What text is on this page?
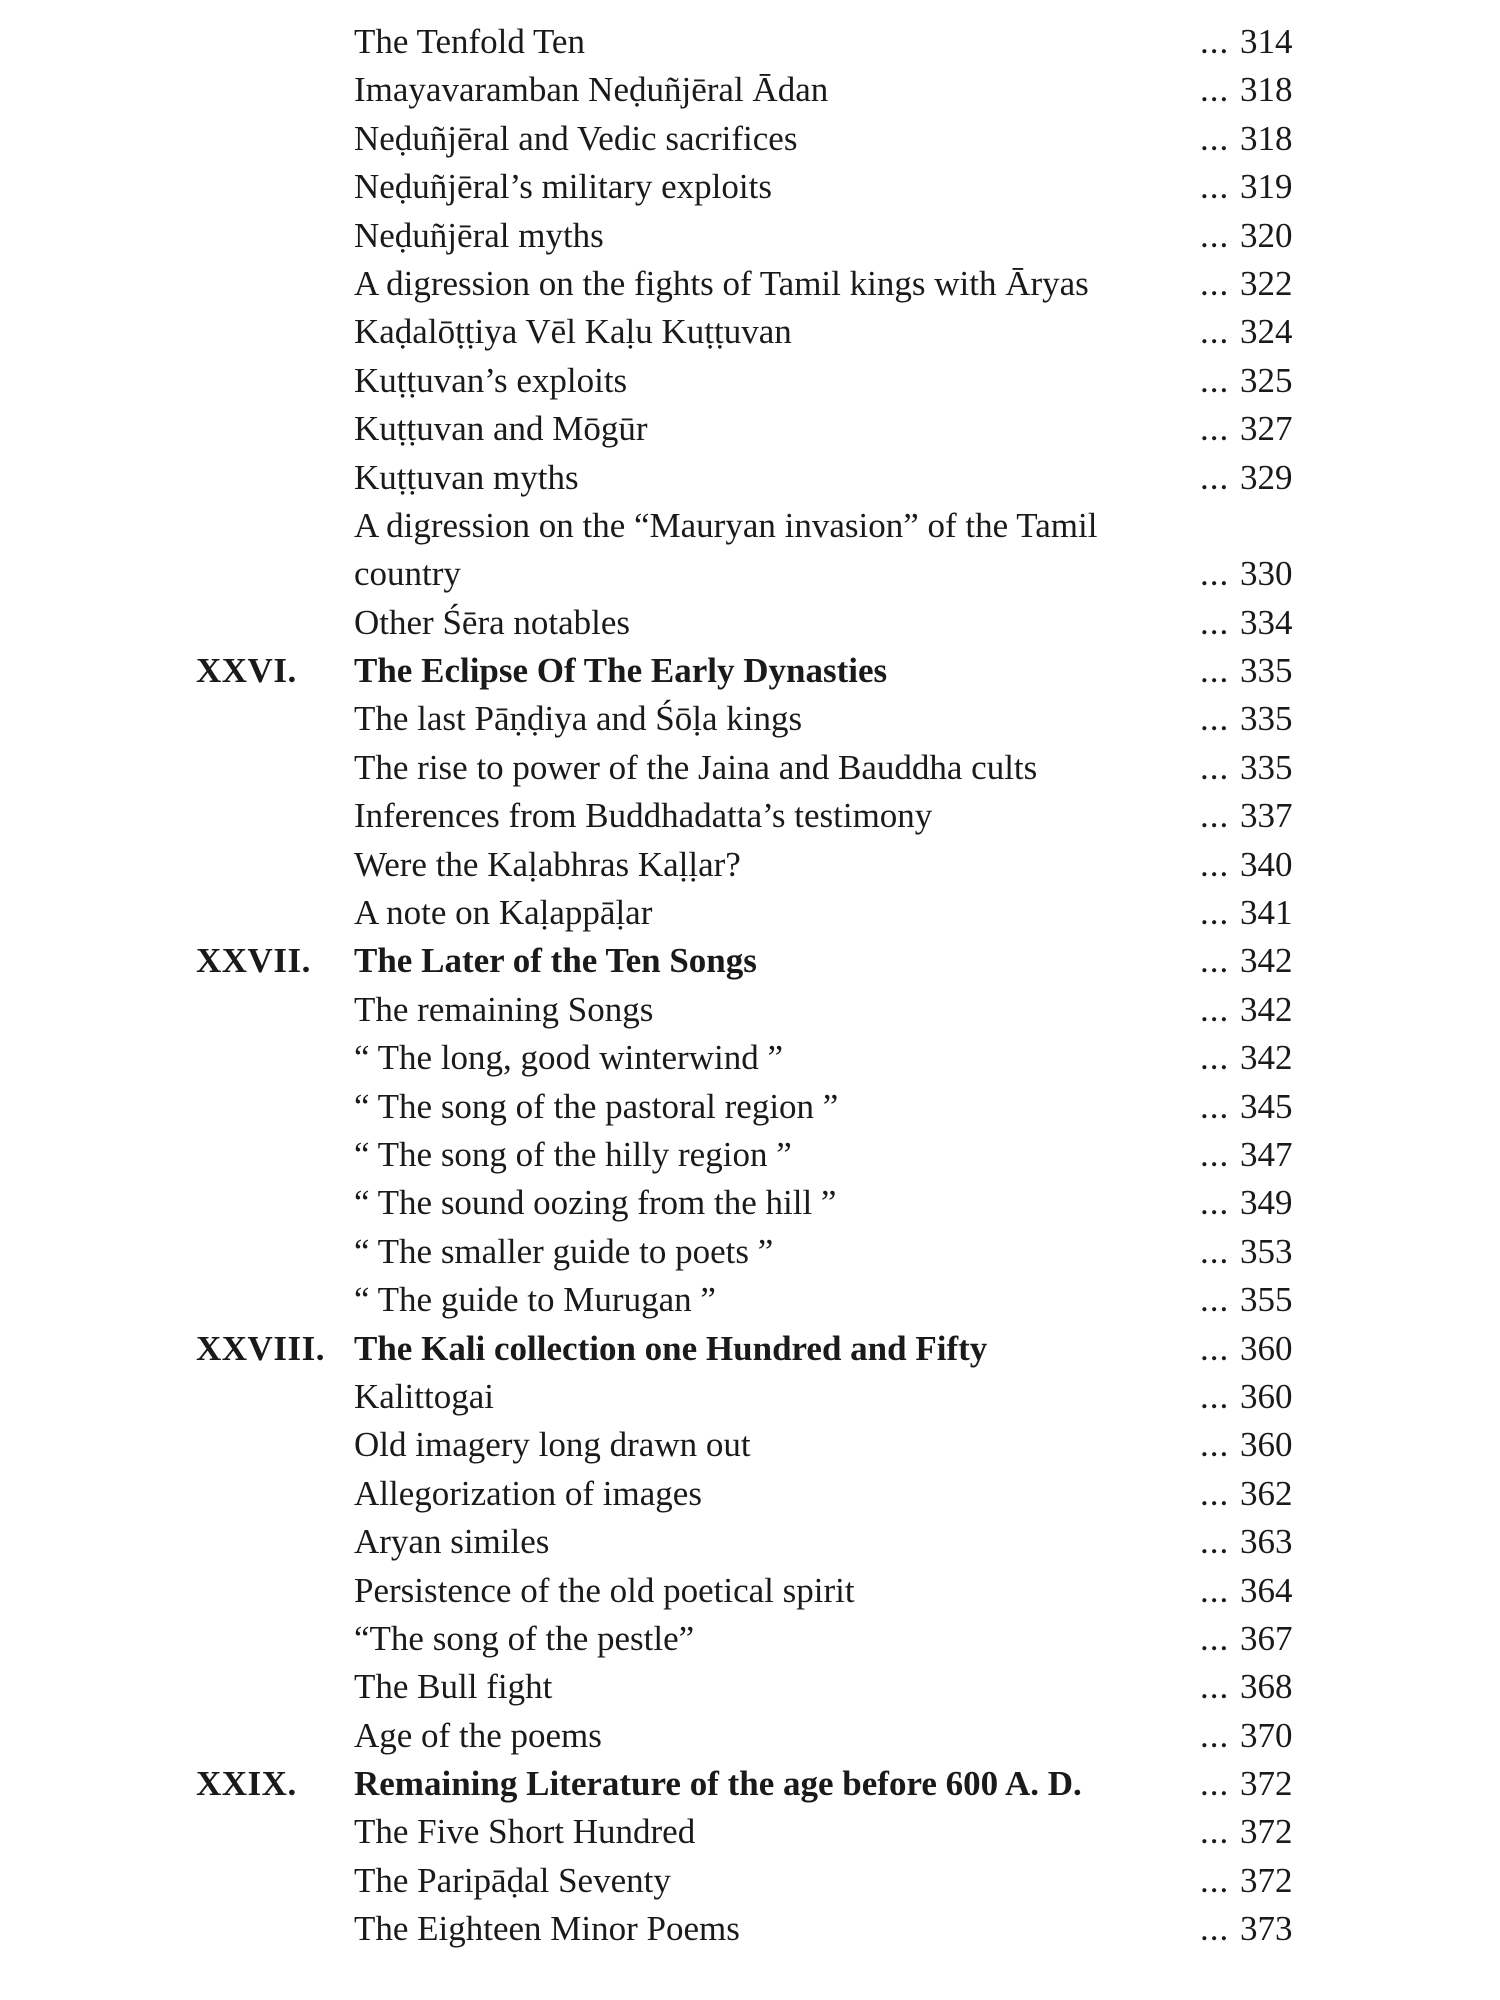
The Tenfold Ten	... 314
Imayavaramban Neḍuñjēral Ādan	... 318
Neḍuñjēral and Vedic sacrifices	... 318
Neḍuñjēral’s military exploits	... 319
Neḍuñjēral myths	... 320
A digression on the fights of Tamil kings with Āryas	... 322
Kaḍalōṭṭiya Vēl Kaḷu Kuṭṭuvan	... 324
Kuṭṭuvan’s exploits	... 325
Kuṭṭuvan and Mōgūr	... 327
Kuṭṭuvan myths	... 329
A digression on the “Mauryan invasion” of the Tamil country	... 330
Other Śēra notables	... 334
XXVI. The Eclipse Of The Early Dynasties	... 335
The last Pāṇḍiya and Śōḷa kings	... 335
The rise to power of the Jaina and Bauddha cults	... 335
Inferences from Buddhadatta’s testimony	... 337
Were the Kaḷabhras Kaḷḷar?	... 340
A note on Kaḷappāḷar	... 341
XXVII. The Later of the Ten Songs	... 342
The remaining Songs	... 342
“ The long, good winterwind ”	... 342
“ The song of the pastoral region ”	... 345
“ The song of the hilly region ”	... 347
“ The sound oozing from the hill ”	... 349
“ The smaller guide to poets ”	... 353
“ The guide to Murugan ”	... 355
XXVIII. The Kali collection one Hundred and Fifty	... 360
Kalittogai	... 360
Old imagery long drawn out	... 360
Allegorization of images	... 362
Aryan similes	... 363
Persistence of the old poetical spirit	... 364
“The song of the pestle”	... 367
The Bull fight	... 368
Age of the poems	... 370
XXIX. Remaining Literature of the age before 600 A. D.	... 372
The Five Short Hundred	... 372
The Paripāḍal Seventy	... 372
The Eighteen Minor Poems	... 373
